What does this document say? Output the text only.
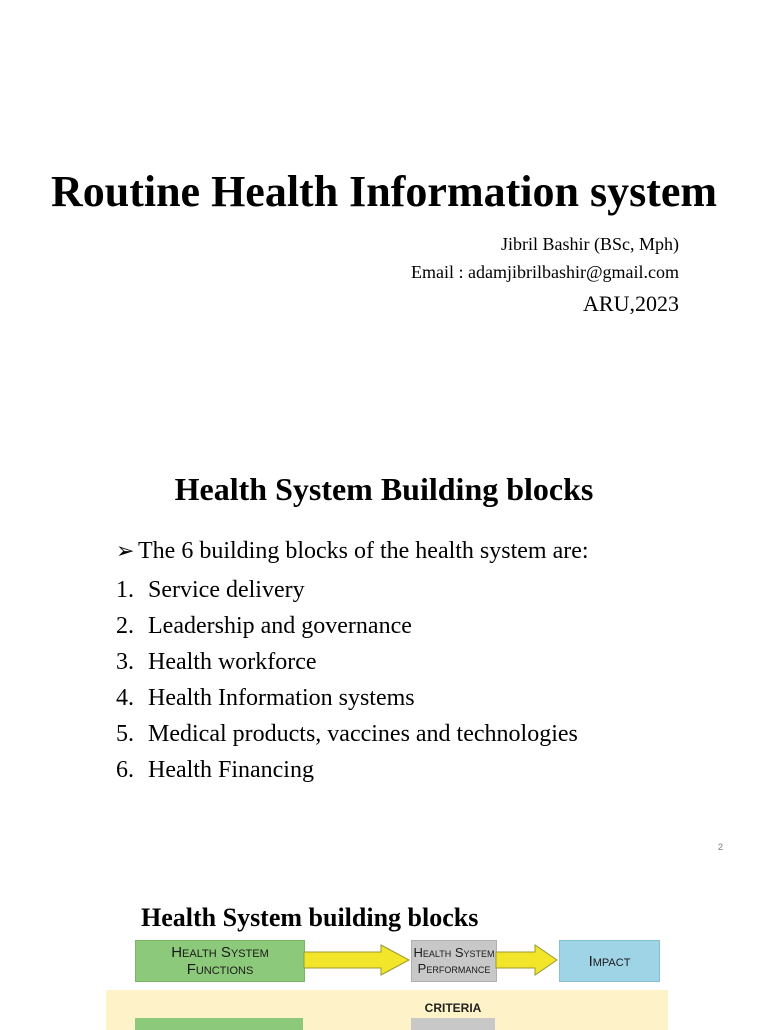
Routine Health Information system
Jibril Bashir (BSc, Mph)
Email : adamjibrilbashir@gmail.com
ARU,2023
Health System Building blocks
➢ The 6 building blocks of the health system are:
1. Service delivery
2. Leadership and governance
3. Health workforce
4. Health Information systems
5. Medical products, vaccines and technologies
6. Health Financing
2
Health System building blocks
Health System Functions
Health System
Performance	Impact
CRITERIA
